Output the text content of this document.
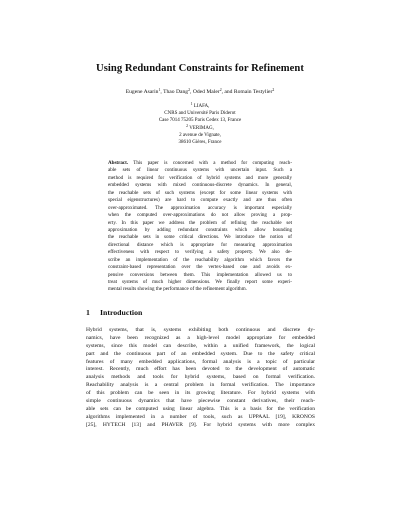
Using Redundant Constraints for Refinement
Eugene Asarin$^1$, Thao Dang$^2$, Oded Maler$^2$, and Romain Testylier$^2$
$^1$ LIAFA,
CNRS and Université Paris Diderot
Case 7014 75205 Paris Cedex 13, France
$^2$ VERIMAG,
2 avenue de Vignate,
38610 Gières, France
Abstract. This paper is concerned with a method for computing reach-
able sets of linear continuous systems with uncertain input. Such a
method is required for verification of hybrid systems and more generally
embedded systems with mixed continuous-discrete dynamics. In general,
the reachable sets of such systems (except for some linear systems with
special eigenstructures) are hard to compute exactly and are thus often
over-approximated. The approximation accuracy is important especially
when the computed over-approximations do not allow proving a prop-
erty. In this paper we address the problem of refining the reachable set
approximation by adding redundant constraints which allow bounding
the reachable sets in some critical directions. We introduce the notion of
directional distance which is appropriate for measuring approximation
effectiveness with respect to verifying a safety property. We also de-
scribe an implementation of the reachability algorithm which favors the
constraint-based representation over the vertex-based one and avoids ex-
pensive conversions between them. This implementation allowed us to
treat systems of much higher dimensions. We finally report some experi-
mental results showing the performance of the refinement algorithm.
1 Introduction
Hybrid systems, that is, systems exhibiting both continuous and discrete dy-
namics, have been recognized as a high-level model appropriate for embedded
systems, since this model can describe, within a unified framework, the logical
part and the continuous part of an embedded system. Due to the safety critical
features of many embedded applications, formal analysis is a topic of particular
interest. Recently, much effort has been devoted to the development of automatic
analysis methods and tools for hybrid systems, based on formal verification.
Reachability analysis is a central problem in formal verification. The importance
of this problem can be seen in its growing literature. For hybrid systems with
simple continuous dynamics that have piecewise constant derivatives, their reach-
able sets can be computed using linear algebra. This is a basis for the verification
algorithms implemented in a number of tools, such as UPPAAL [19], KRONOS
[25], HYTECH [13] and PHAVER [9]. For hybrid systems with more complex
